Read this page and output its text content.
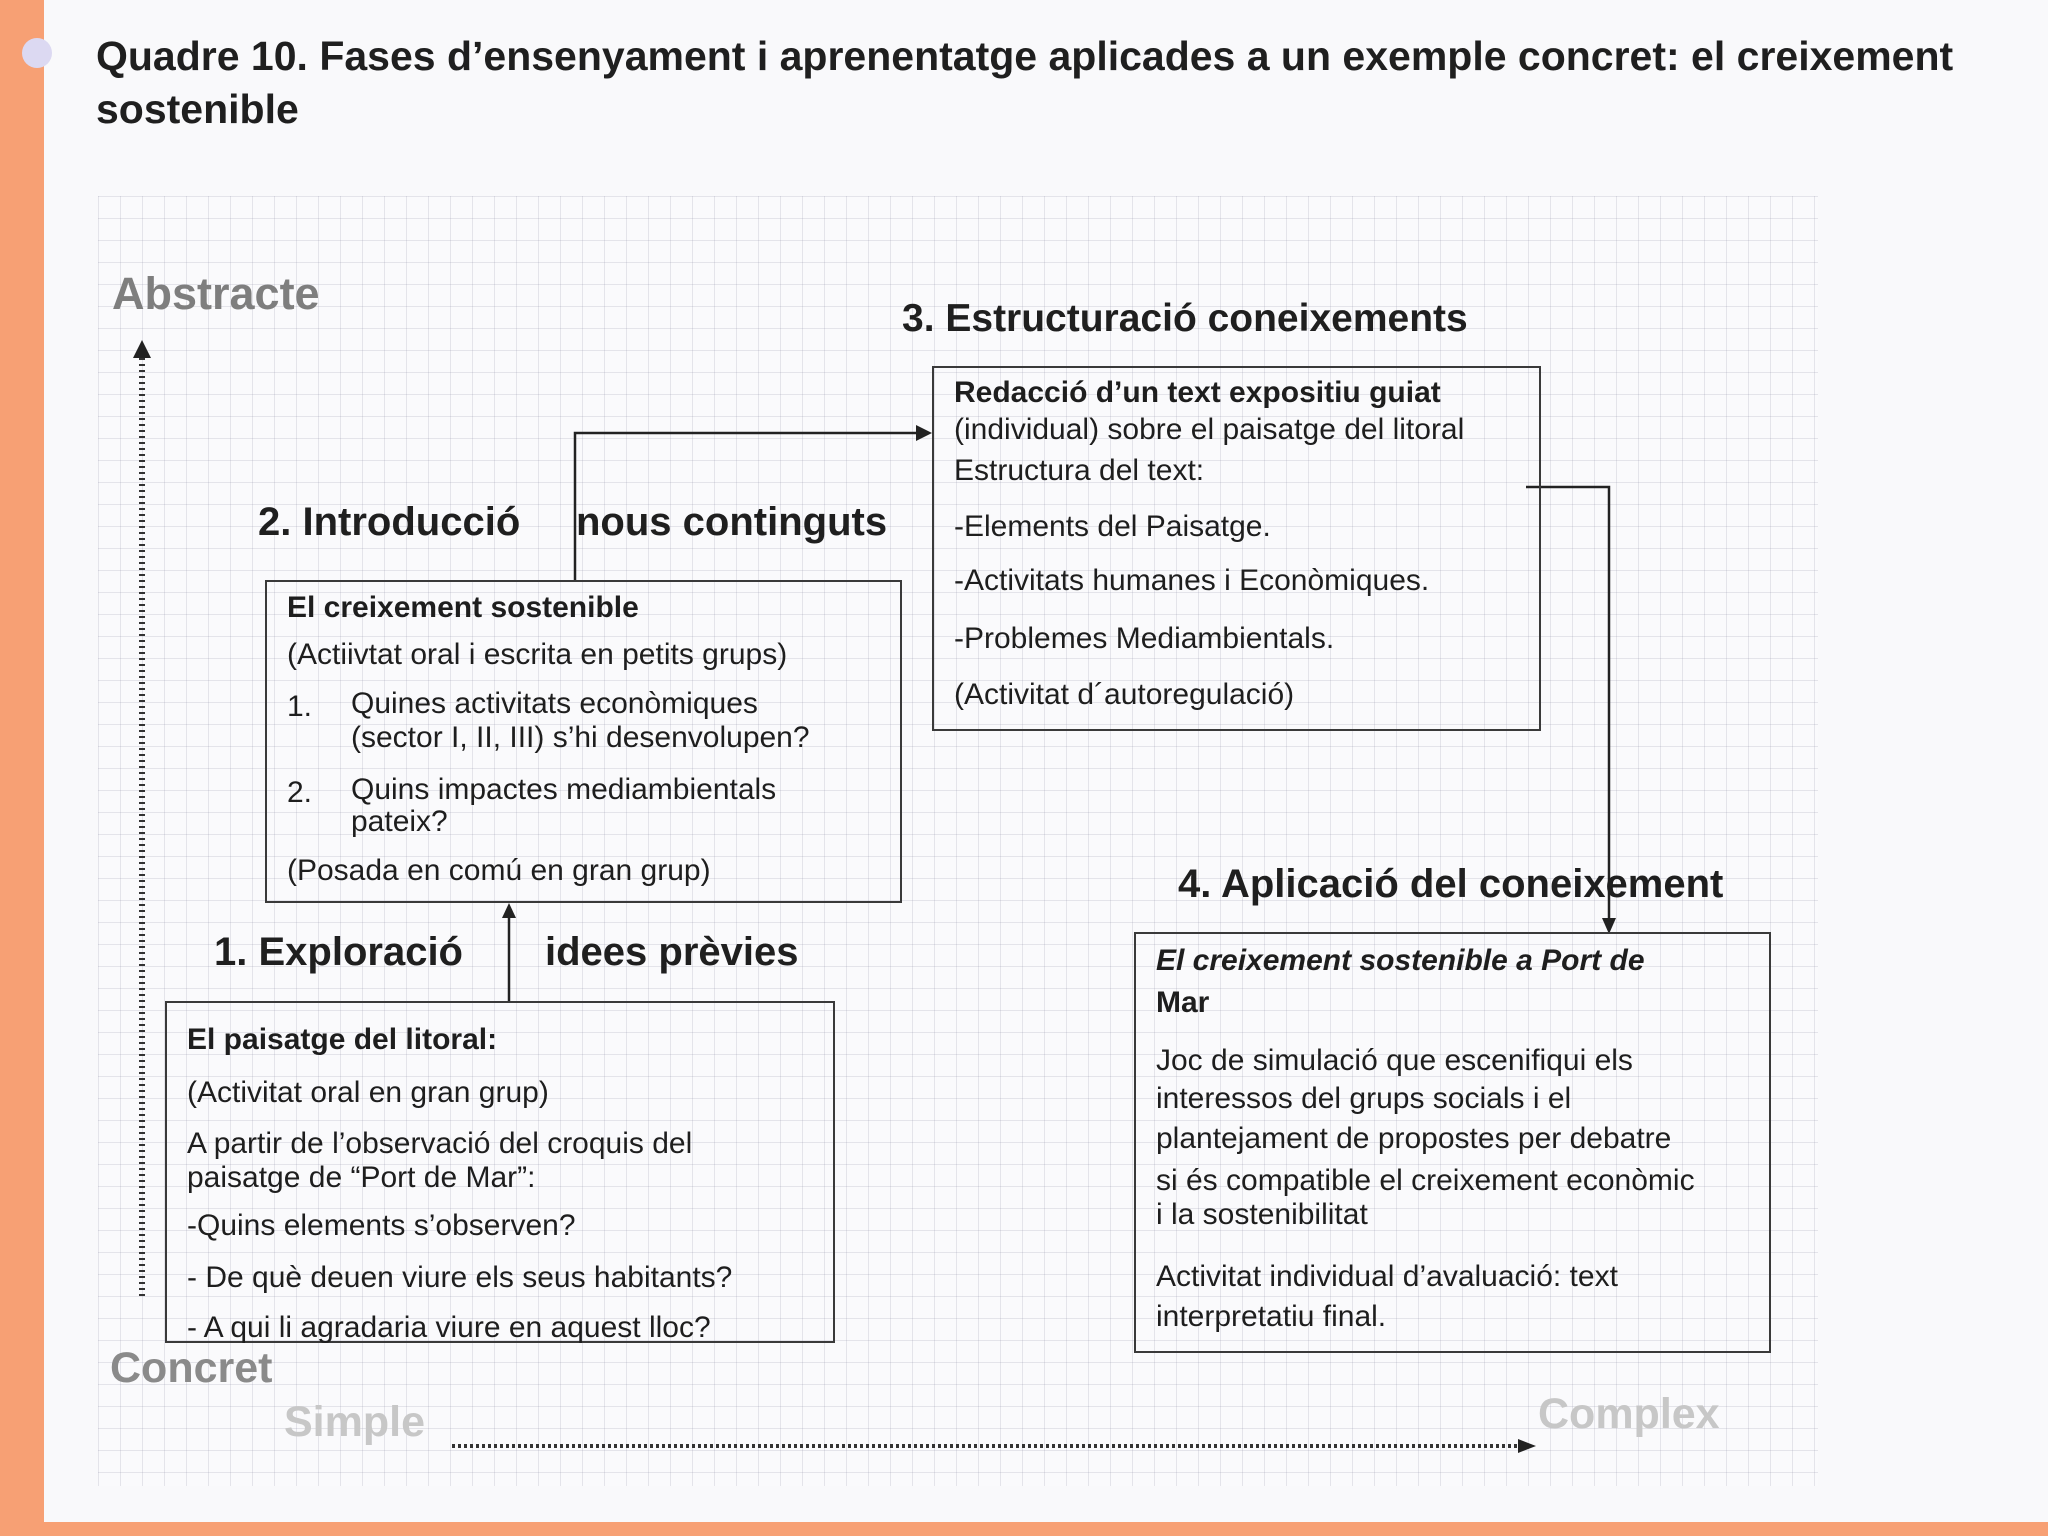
Quadre 10. Fases d’ensenyament i aprenentatge aplicades a un exemple concret: el creixement sostenible
Abstracte
Concret
Simple	Complex
1. Exploració idees prèvies
2. Introducció nous continguts
3. Estructuració coneixements
4. Aplicació del coneixement

El paisatge del litoral:

(Activitat oral en gran grup)

A partir de l’observació del croquis del

paisatge de “Port de Mar”:

-Quins elements s’observen?

- De què deuen viure els seus habitants?

- A qui li agradaria viure en aquest lloc?

El creixement sostenible

(Actiivtat oral i escrita en petits grups)

1. Quines activitats econòmiques
(sector I, II, III) s’hi desenvolupen?
2. Quins impactes mediambientals
pateix?

(Posada en comú en gran grup)

Redacció d’un text expositiu guiat

(individual) sobre el paisatge del litoral

Estructura del text:

-Elements del Paisatge.

-Activitats humanes i Econòmiques.

-Problemes Mediambientals.

(Activitat d´autoregulació)

El creixement sostenible a Port de

Mar

Joc de simulació que escenifiqui els

interessos del grups socials i el

plantejament de propostes per debatre

si és compatible el creixement econòmic

i la sostenibilitat

Activitat individual d’avaluació: text

interpretatiu final.
